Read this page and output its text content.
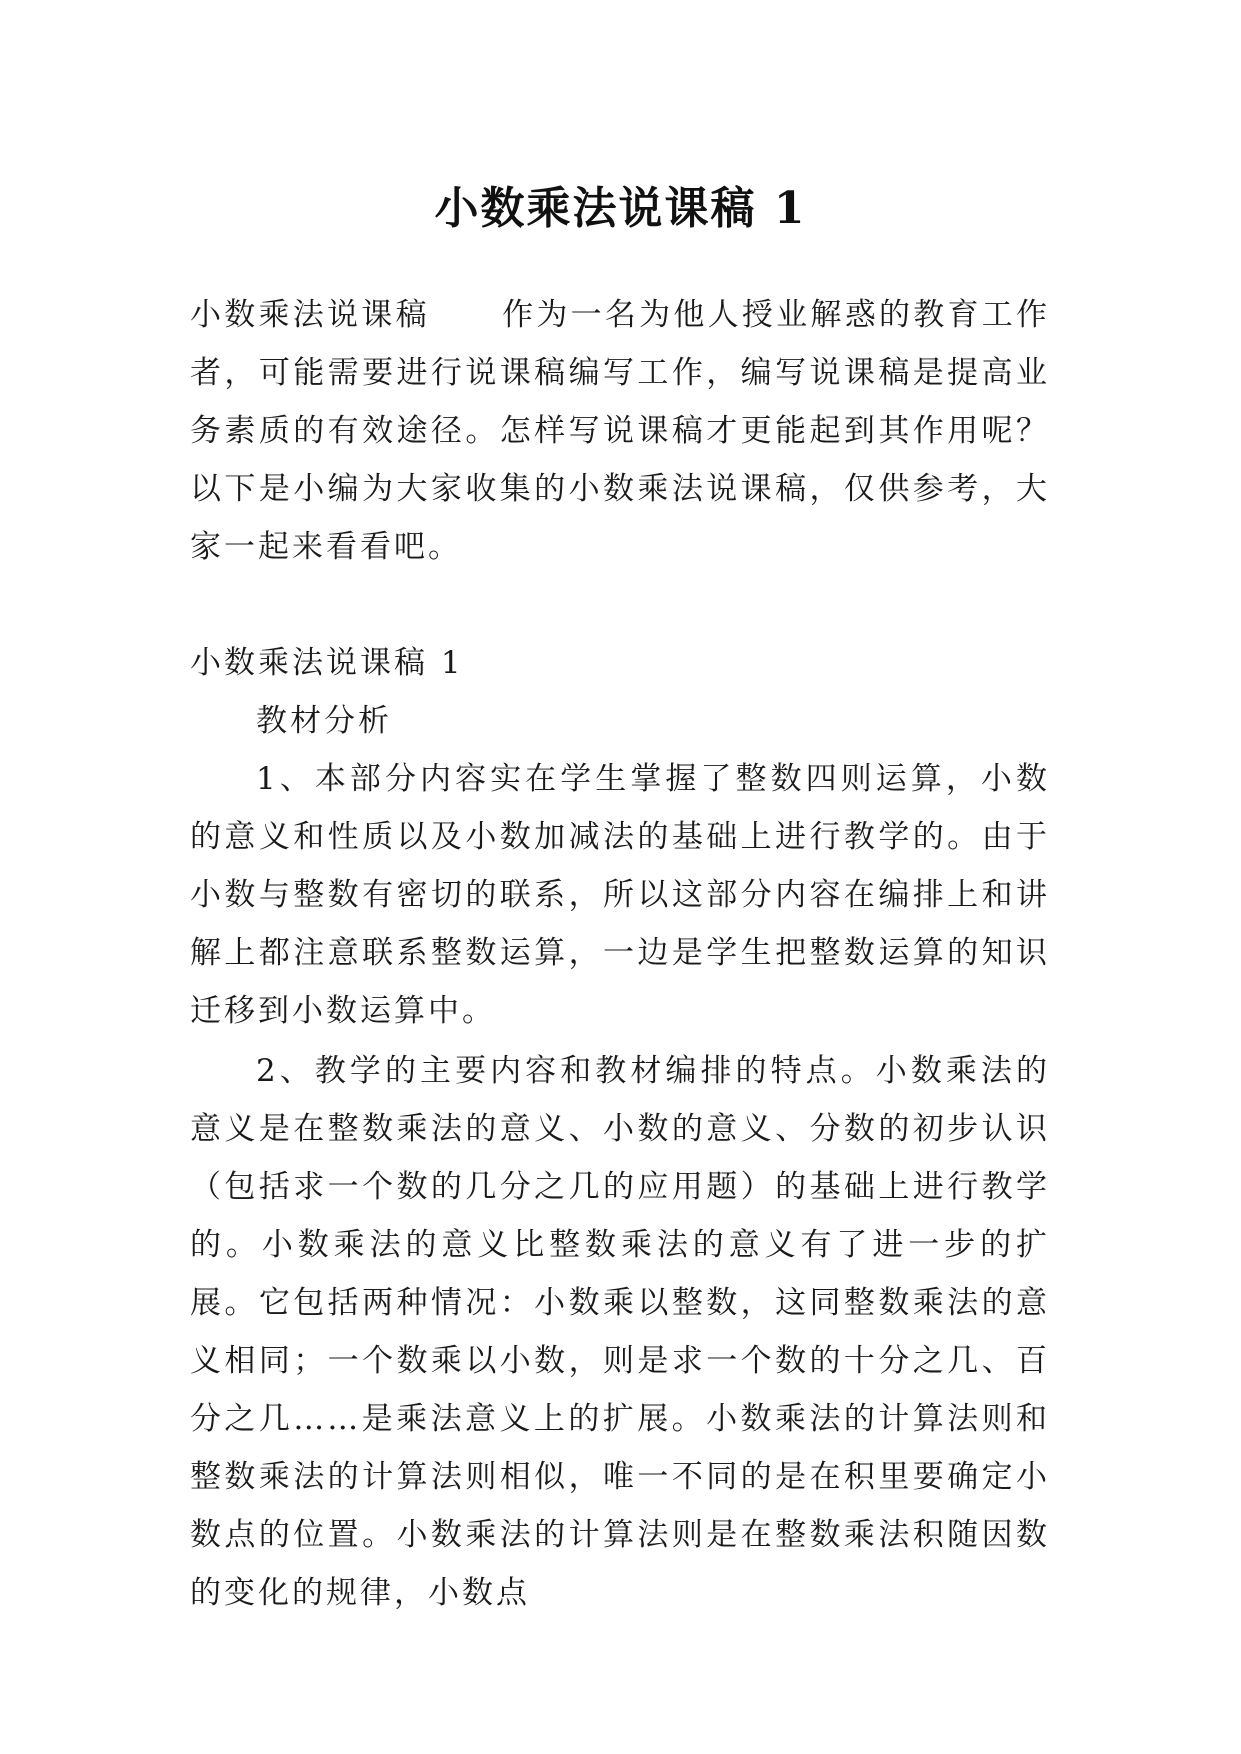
小数乘法说课稿 1

小数乘法说课稿 作为一名为他人授业解惑的教育工作者，可能需要进行说课稿编写工作，编写说课稿是提高业务素质的有效途径。怎样写说课稿才更能起到其作用呢？以下是小编为大家收集的小数乘法说课稿，仅供参考，大家一起来看看吧。

小数乘法说课稿 1

教材分析

1、本部分内容实在学生掌握了整数四则运算，小数的意义和性质以及小数加减法的基础上进行教学的。由于小数与整数有密切的联系，所以这部分内容在编排上和讲解上都注意联系整数运算，一边是学生把整数运算的知识迁移到小数运算中。

2、教学的主要内容和教材编排的特点。小数乘法的意义是在整数乘法的意义、小数的意义、分数的初步认识（包括求一个数的几分之几的应用题）的基础上进行教学的。小数乘法的意义比整数乘法的意义有了进一步的扩展。它包括两种情况：小数乘以整数，这同整数乘法的意义相同；一个数乘以小数，则是求一个数的十分之几、百分之几……是乘法意义上的扩展。小数乘法的计算法则和整数乘法的计算法则相似，唯一不同的是在积里要确定小数点的位置。小数乘法的计算法则是在整数乘法积随因数的变化的规律，小数点
